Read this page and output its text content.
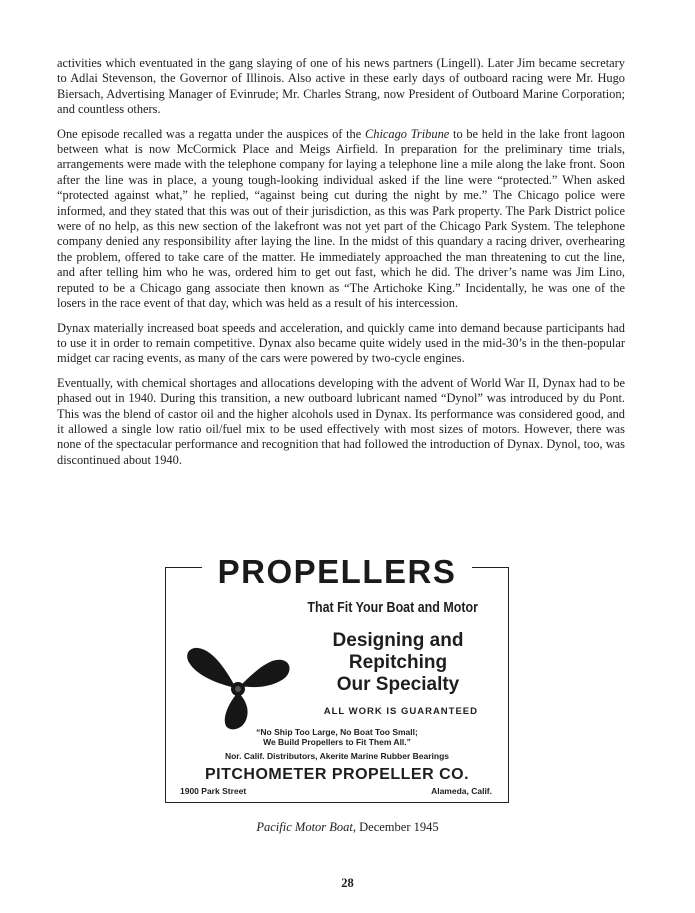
activities which eventuated in the gang slaying of one of his news partners (Lingell). Later Jim became secretary to Adlai Stevenson, the Governor of Illinois. Also active in these early days of outboard racing were Mr. Hugo Biersach, Advertising Manager of Evinrude; Mr. Charles Strang, now President of Outboard Marine Corporation; and countless others.

One episode recalled was a regatta under the auspices of the Chicago Tribune to be held in the lake front lagoon between what is now McCormick Place and Meigs Airfield. In preparation for the preliminary time trials, arrangements were made with the telephone company for laying a telephone line a mile along the lake front. Soon after the line was in place, a young tough-looking individual asked if the line were “protected.” When asked “protected against what,” he replied, “against being cut during the night by me.” The Chicago police were informed, and they stated that this was out of their jurisdiction, as this was Park property. The Park District police were of no help, as this new section of the lakefront was not yet part of the Chicago Park System. The telephone company denied any responsibility after laying the line. In the midst of this quandary a racing driver, overhearing the problem, offered to take care of the matter. He immediately approached the man threatening to cut the line, and after telling him who he was, ordered him to get out fast, which he did. The driver’s name was Jim Lino, reputed to be a Chicago gang associate then known as “The Artichoke King.” Incidentally, he was one of the losers in the race event of that day, which was held as a result of his intercession.

Dynax materially increased boat speeds and acceleration, and quickly came into demand because participants had to use it in order to remain competitive. Dynax also became quite widely used in the mid-30’s in the then-popular midget car racing events, as many of the cars were powered by two-cycle engines.

Eventually, with chemical shortages and allocations developing with the advent of World War II, Dynax had to be phased out in 1940. During this transition, a new outboard lubricant named “Dynol” was introduced by du Pont. This was the blend of castor oil and the higher alcohols used in Dynax. Its performance was considered good, and it allowed a single low ratio oil/fuel mix to be used effectively with most sizes of motors. However, there was none of the spectacular performance and recognition that had followed the introduction of Dynax. Dynol, too, was discontinued about 1940.

PROPELLERS
That Fit Your Boat and Motor
Designing and
Repitching
Our Specialty
ALL WORK IS GUARANTEED
“No Ship Too Large, No Boat Too Small;
We Build Propellers to Fit Them All.”
Nor. Calif. Distributors, Akerite Marine Rubber Bearings
PITCHOMETER PROPELLER CO.
1900 Park Street	Alameda, Calif.
Pacific Motor Boat, December 1945
28
